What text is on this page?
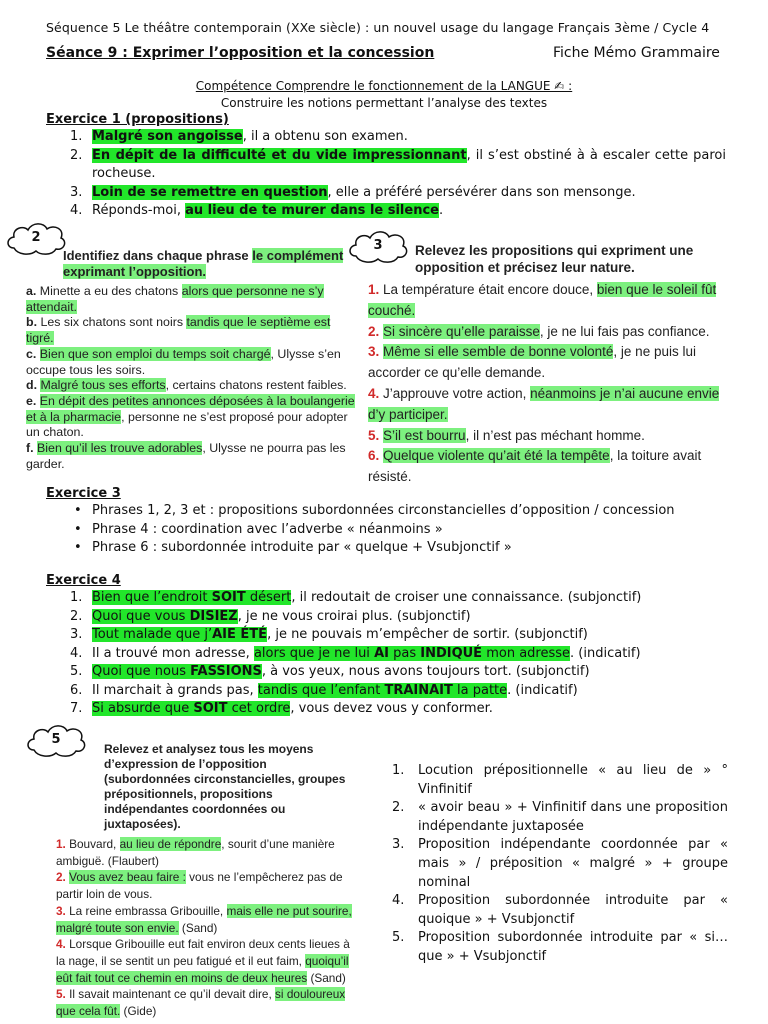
Séquence 5 Le théâtre contemporain (XXe siècle) : un nouvel usage du langage Français 3ème / Cycle 4
Séance 9 : Exprimer l’opposition et la concession	Fiche Mémo Grammaire
Compétence Comprendre le fonctionnement de la LANGUE ✍ :
Construire les notions permettant l’analyse des textes
Exercice 1 (propositions)
1. Malgré son angoisse, il a obtenu son examen.
2. En dépit de la difficulté et du vide impressionnant, il s’est obstiné à à escaler cette paroi rocheuse.
3. Loin de se remettre en question, elle a préféré persévérer dans son mensonge.
4. Réponds-moi, au lieu de te murer dans le silence.
2
Identifiez dans chaque phrase le complément exprimant l’opposition.

a. Minette a eu des chatons alors que personne ne s’y attendait.

b. Les six chatons sont noirs tandis que le septième est tigré.

c. Bien que son emploi du temps soit chargé, Ulysse s’en occupe tous les soirs.

d. Malgré tous ses efforts, certains chatons restent faibles.

e. En dépit des petites annonces déposées à la boulangerie et à la pharmacie, personne ne s’est proposé pour adopter un chaton.

f. Bien qu’il les trouve adorables, Ulysse ne pourra pas les garder.

3	Relevez les propositions qui expriment une opposition et précisez leur nature.

1. La température était encore douce, bien que le soleil fût couché.

2. Si sincère qu’elle paraisse, je ne lui fais pas confiance.

3. Même si elle semble de bonne volonté, je ne puis lui accorder ce qu’elle demande.

4. J’approuve votre action, néanmoins je n’ai aucune envie d’y participer.

5. S’il est bourru, il n’est pas méchant homme.

6. Quelque violente qu’ait été la tempête, la toiture avait résisté.

Exercice 3
• Phrases 1, 2, 3 et : propositions subordonnées circonstancielles d’opposition / concession
• Phrase 4 : coordination avec l’adverbe « néanmoins »
• Phrase 6 : subordonnée introduite par « quelque + Vsubjonctif »
Exercice 4
1. Bien que l’endroit SOIT désert, il redoutait de croiser une connaissance. (subjonctif)
2. Quoi que vous DISIEZ, je ne vous croirai plus. (subjonctif)
3. Tout malade que j’AIE ÉTÉ, je ne pouvais m’empêcher de sortir. (subjonctif)
4. Il a trouvé mon adresse, alors que je ne lui AI pas INDIQUÉ mon adresse. (indicatif)
5. Quoi que nous FASSIONS, à vos yeux, nous avons toujours tort. (subjonctif)
6. Il marchait à grands pas, tandis que l’enfant TRAINAIT la patte. (indicatif)
7. Si absurde que SOIT cet ordre, vous devez vous y conformer.
5
Relevez et analysez tous les moyens d’expression de l’opposition (subordonnées circonstancielles, groupes prépositionnels, propositions indépendantes coordonnées ou juxtaposées).

1. Bouvard, au lieu de répondre, sourit d’une manière ambiguë. (Flaubert)

2. Vous avez beau faire : vous ne l’empêcherez pas de partir loin de vous.

3. La reine embrassa Gribouille, mais elle ne put sourire, malgré toute son envie. (Sand)

4. Lorsque Gribouille eut fait environ deux cents lieues à la nage, il se sentit un peu fatigué et il eut faim, quoiqu’il eût fait tout ce chemin en moins de deux heures (Sand)

5. Il savait maintenant ce qu’il devait dire, si douloureux que cela fût. (Gide)

1. Locution prépositionnelle « au lieu de » ° Vinfinitif
2. « avoir beau » + Vinfinitif dans une proposition indépendante juxtaposée
3. Proposition indépendante coordonnée par « mais » / préposition « malgré » + groupe nominal
4. Proposition subordonnée introduite par « quoique » + Vsubjonctif
5. Proposition subordonnée introduite par « si…que » + Vsubjonctif
